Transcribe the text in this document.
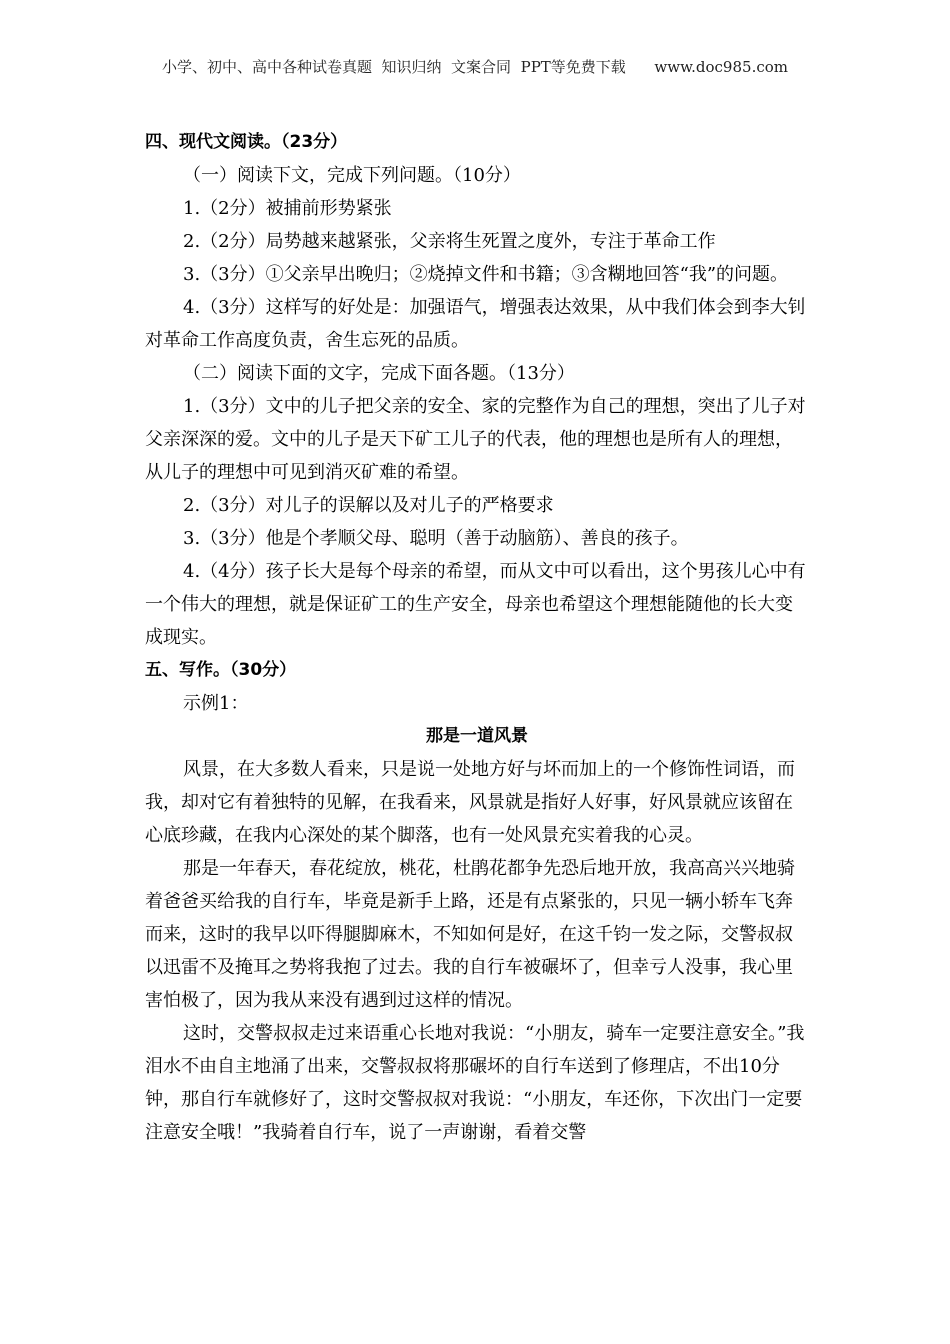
小学、初中、高中各种试卷真题  知识归纳  文案合同  PPT等免费下载      www.doc985.com

四、现代文阅读。（23分）

（一）阅读下文，完成下列问题。（10分）

1.（2分）被捕前形势紧张

2.（2分）局势越来越紧张，父亲将生死置之度外，专注于革命工作

3.（3分）①父亲早出晚归；②烧掉文件和书籍；③含糊地回答“我”的问题。

4.（3分）这样写的好处是：加强语气，增强表达效果，从中我们体会到李大钊对革命工作高度负责，舍生忘死的品质。

（二）阅读下面的文字，完成下面各题。（13分）

1.（3分）文中的儿子把父亲的安全、家的完整作为自己的理想，突出了儿子对父亲深深的爱。文中的儿子是天下矿工儿子的代表，他的理想也是所有人的理想，从儿子的理想中可见到消灭矿难的希望。

2.（3分）对儿子的误解以及对儿子的严格要求

3.（3分）他是个孝顺父母、聪明（善于动脑筋）、善良的孩子。

4.（4分）孩子长大是每个母亲的希望，而从文中可以看出，这个男孩儿心中有一个伟大的理想，就是保证矿工的生产安全，母亲也希望这个理想能随他的长大变成现实。

五、写作。（30分）

示例1：

那是一道风景

风景，在大多数人看来，只是说一处地方好与坏而加上的一个修饰性词语，而我，却对它有着独特的见解，在我看来，风景就是指好人好事，好风景就应该留在心底珍藏，在我内心深处的某个脚落，也有一处风景充实着我的心灵。

那是一年春天，春花绽放，桃花，杜鹃花都争先恐后地开放，我高高兴兴地骑着爸爸买给我的自行车，毕竟是新手上路，还是有点紧张的，只见一辆小轿车飞奔而来，这时的我早以吓得腿脚麻木，不知如何是好，在这千钧一发之际，交警叔叔以迅雷不及掩耳之势将我抱了过去。我的自行车被碾坏了，但幸亏人没事，我心里害怕极了，因为我从来没有遇到过这样的情况。

这时，交警叔叔走过来语重心长地对我说：“小朋友，骑车一定要注意安全。”我泪水不由自主地涌了出来，交警叔叔将那碾坏的自行车送到了修理店，不出10分钟，那自行车就修好了，这时交警叔叔对我说：“小朋友，车还你，下次出门一定要注意安全哦！”我骑着自行车，说了一声谢谢，看着交警
